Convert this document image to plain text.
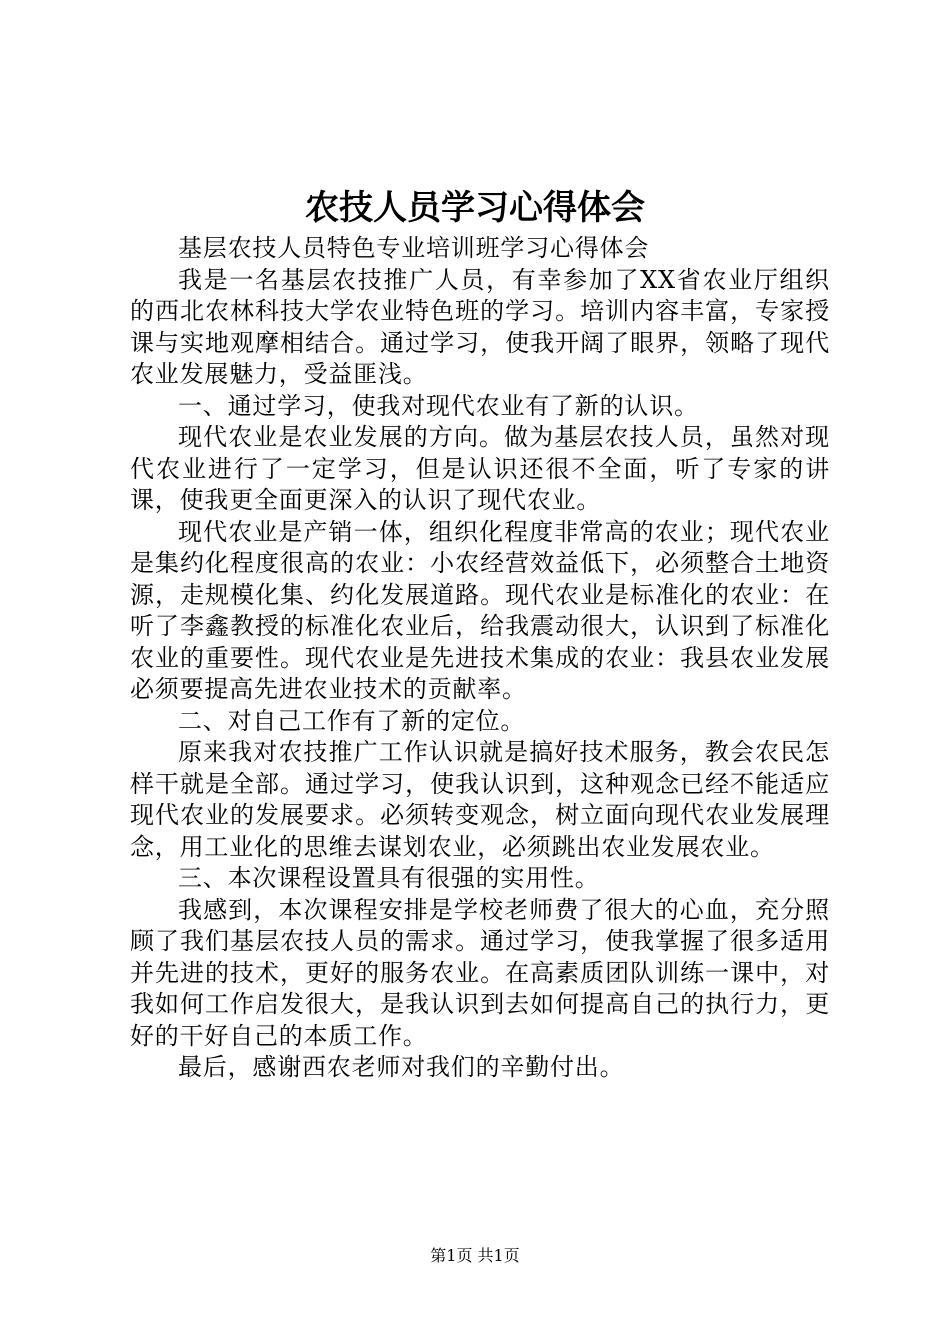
农技人员学习心得体会

基层农技人员特色专业培训班学习心得体会

我是一名基层农技推广人员，有幸参加了XX省农业厅组织的西北农林科技大学农业特色班的学习。培训内容丰富，专家授课与实地观摩相结合。通过学习，使我开阔了眼界，领略了现代农业发展魅力，受益匪浅。

一、通过学习，使我对现代农业有了新的认识。

现代农业是农业发展的方向。做为基层农技人员，虽然对现代农业进行了一定学习，但是认识还很不全面，听了专家的讲课，使我更全面更深入的认识了现代农业。

现代农业是产销一体，组织化程度非常高的农业；现代农业是集约化程度很高的农业：小农经营效益低下，必须整合土地资源，走规模化集、约化发展道路。现代农业是标准化的农业：在听了李鑫教授的标准化农业后，给我震动很大，认识到了标准化农业的重要性。现代农业是先进技术集成的农业：我县农业发展必须要提高先进农业技术的贡献率。

二、对自己工作有了新的定位。

原来我对农技推广工作认识就是搞好技术服务，教会农民怎样干就是全部。通过学习，使我认识到，这种观念已经不能适应现代农业的发展要求。必须转变观念，树立面向现代农业发展理念，用工业化的思维去谋划农业，必须跳出农业发展农业。

三、本次课程设置具有很强的实用性。

我感到，本次课程安排是学校老师费了很大的心血，充分照顾了我们基层农技人员的需求。通过学习，使我掌握了很多适用并先进的技术，更好的服务农业。在高素质团队训练一课中，对我如何工作启发很大，是我认识到去如何提高自己的执行力，更好的干好自己的本质工作。

最后，感谢西农老师对我们的辛勤付出。

第1页 共1页
